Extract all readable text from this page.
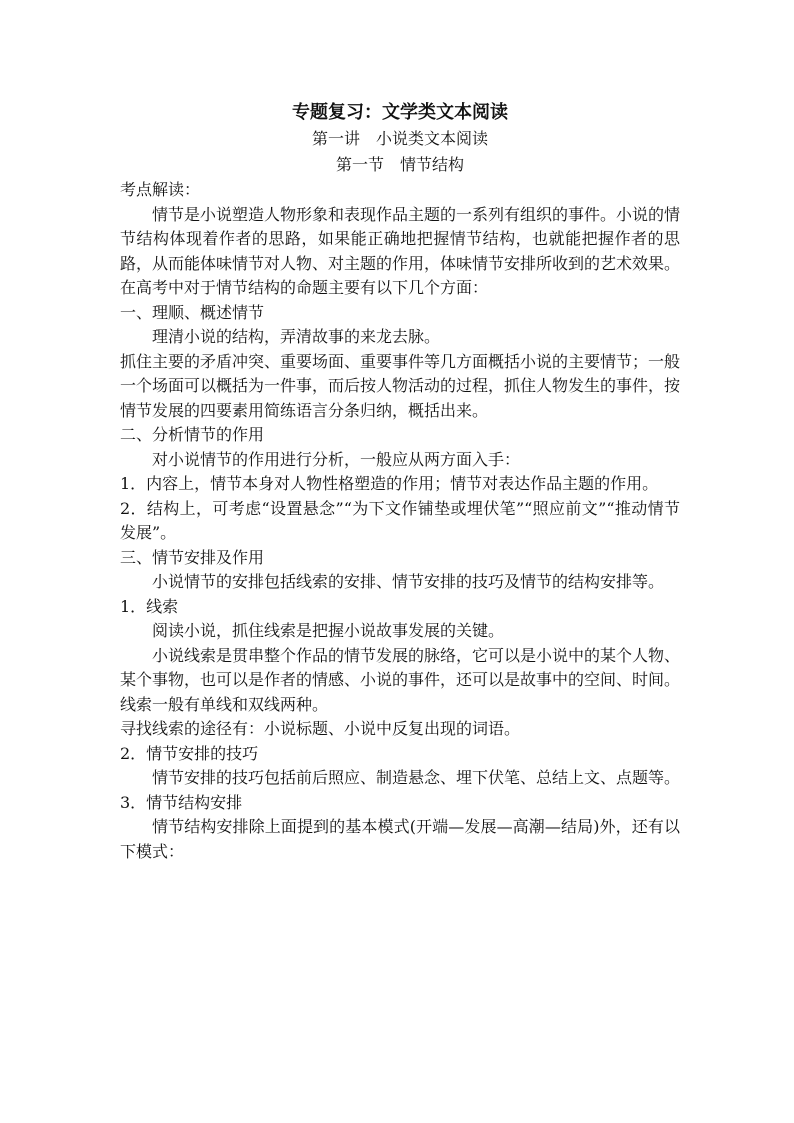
专题复习：文学类文本阅读

第一讲　小说类文本阅读

第一节　情节结构

考点解读：

情节是小说塑造人物形象和表现作品主题的一系列有组织的事件。小说的情节结构体现着作者的思路，如果能正确地把握情节结构，也就能把握作者的思路，从而能体味情节对人物、对主题的作用，体味情节安排所收到的艺术效果。

在高考中对于情节结构的命题主要有以下几个方面：

一、理顺、概述情节

理清小说的结构，弄清故事的来龙去脉。

抓住主要的矛盾冲突、重要场面、重要事件等几方面概括小说的主要情节；一般一个场面可以概括为一件事，而后按人物活动的过程，抓住人物发生的事件，按情节发展的四要素用简练语言分条归纳，概括出来。

二、分析情节的作用

对小说情节的作用进行分析，一般应从两方面入手：

1．内容上，情节本身对人物性格塑造的作用；情节对表达作品主题的作用。

2．结构上，可考虑“设置悬念”“为下文作铺垫或埋伏笔”“照应前文”“推动情节发展”。

三、情节安排及作用

小说情节的安排包括线索的安排、情节安排的技巧及情节的结构安排等。

1．线索

阅读小说，抓住线索是把握小说故事发展的关键。

小说线索是贯串整个作品的情节发展的脉络，它可以是小说中的某个人物、某个事物，也可以是作者的情感、小说的事件，还可以是故事中的空间、时间。线索一般有单线和双线两种。

寻找线索的途径有：小说标题、小说中反复出现的词语。

2．情节安排的技巧

情节安排的技巧包括前后照应、制造悬念、埋下伏笔、总结上文、点题等。

3．情节结构安排

情节结构安排除上面提到的基本模式(开端—发展—高潮—结局)外，还有以下模式：
